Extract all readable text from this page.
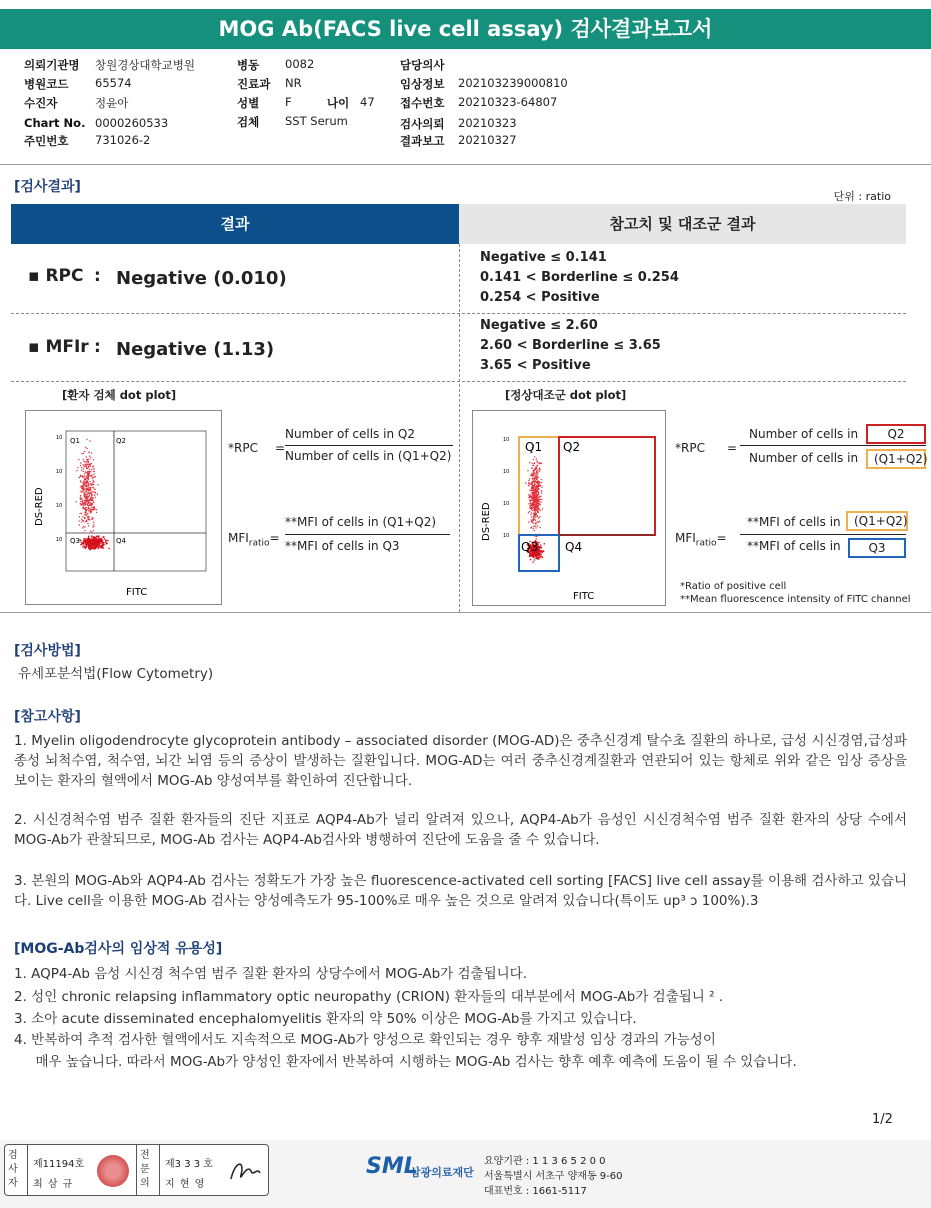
MOG Ab(FACS live cell assay) 검사결과보고서
의뢰기관명 창원경상대학교병원
병원코드 65574
수진자	정윤아
Chart No. 0000260533
주민번호 731026-2
병동 0082
진료과 NR
성별 F	나이 47
검체 SST Serum
담당의사
임상정보 202103239000810
접수번호 20210323-64807
검사의뢰 20210323
결과보고 20210327
[검사결과]
단위 : ratio
결과	참고치 및 대조군 결과
▪ RPC : Negative (0.010)
Negative ≤ 0.141
0.141 < Borderline ≤ 0.254
0.254 < Positive
▪ MFIr : Negative (1.13)
Negative ≤ 2.60
2.60 < Borderline ≤ 3.65
3.65 < Positive
[환자 검체 dot plot]
Q1	Q2
Q3	Q4
10
10
10
10
DS-RED
FITC
*RPC =
Number of cells in Q2
Number of cells in (Q1+Q2)
$MFI_{ratio}=$
**MFI of cells in (Q1+Q2)
**MFI of cells in Q3
[정상대조군 dot plot]
Q1 Q2
Q3 Q4
10
10
10
10
DS-RED
FITC
*RPC =
Number of cells in	Q2
Number of cells in	(Q1+Q2)
$MFI_{ratio}=$
**MFI of cells in	(Q1+Q2)
**MFI of cells in	Q3
*Ratio of positive cell
**Mean fluorescence intensity of FITC channel
[검사방법]
유세포분석법(Flow Cytometry)
[참고사항]
1. Myelin oligodendrocyte glycoprotein antibody – associated disorder (MOG-AD)은 중추신경계 탈수초 질환의 하나로, 급성 시신경염,급성파종성 뇌척수염, 척수염, 뇌간 뇌염 등의 증상이 발생하는 질환입니다. MOG-AD는 여러 중추신경계질환과 연관되어 있는 항체로 위와 같은 임상 증상을 보이는 환자의 혈액에서 MOG-Ab 양성여부를 확인하여 진단합니다.
2. 시신경척수염 범주 질환 환자들의 진단 지표로 AQP4-Ab가 널리 알려져 있으나, AQP4-Ab가 음성인 시신경척수염 범주 질환 환자의 상당 수에서 MOG-Ab가 관찰되므로, MOG-Ab 검사는 AQP4-Ab검사와 병행하여 진단에 도움을 줄 수 있습니다.
3. 본원의 MOG-Ab와 AQP4-Ab 검사는 정확도가 가장 높은 fluorescence-activated cell sorting [FACS] live cell assay를 이용해 검사하고 있습니다. Live cell을 이용한 MOG-Ab 검사는 양성예측도가 95-100%로 매우 높은 것으로 알려져 있습니다(특이도 up³ ɔ 100%).3
[MOG-Ab검사의 임상적 유용성]
1. AQP4-Ab 음성 시신경 척수염 범주 질환 환자의 상당수에서 MOG-Ab가 검출됩니다.
2. 성인 chronic relapsing inflammatory optic neuropathy (CRION) 환자들의 대부분에서 MOG-Ab가 검출됩니 ² .
3. 소아 acute disseminated encephalomyelitis 환자의 약 50% 이상은 MOG-Ab를 가지고 있습니다.
4. 반복하여 추적 검사한 혈액에서도 지속적으로 MOG-Ab가 양성으로 확인되는 경우 향후 재발성 임상 경과의 가능성이
매우 높습니다. 따라서 MOG-Ab가 양성인 환자에서 반복하여 시행하는 MOG-Ab 검사는 향후 예후 예측에 도움이 될 수 있습니다.
1/2
검사자
제11194호
최 삼 규
전문의
제3 3 3 호
지 현 영
SML
삼광의료재단
요양기관 : 1 1 3 6 5 2 0 0
서울특별시 서초구 양재동 9-60
대표번호 : 1661-5117
